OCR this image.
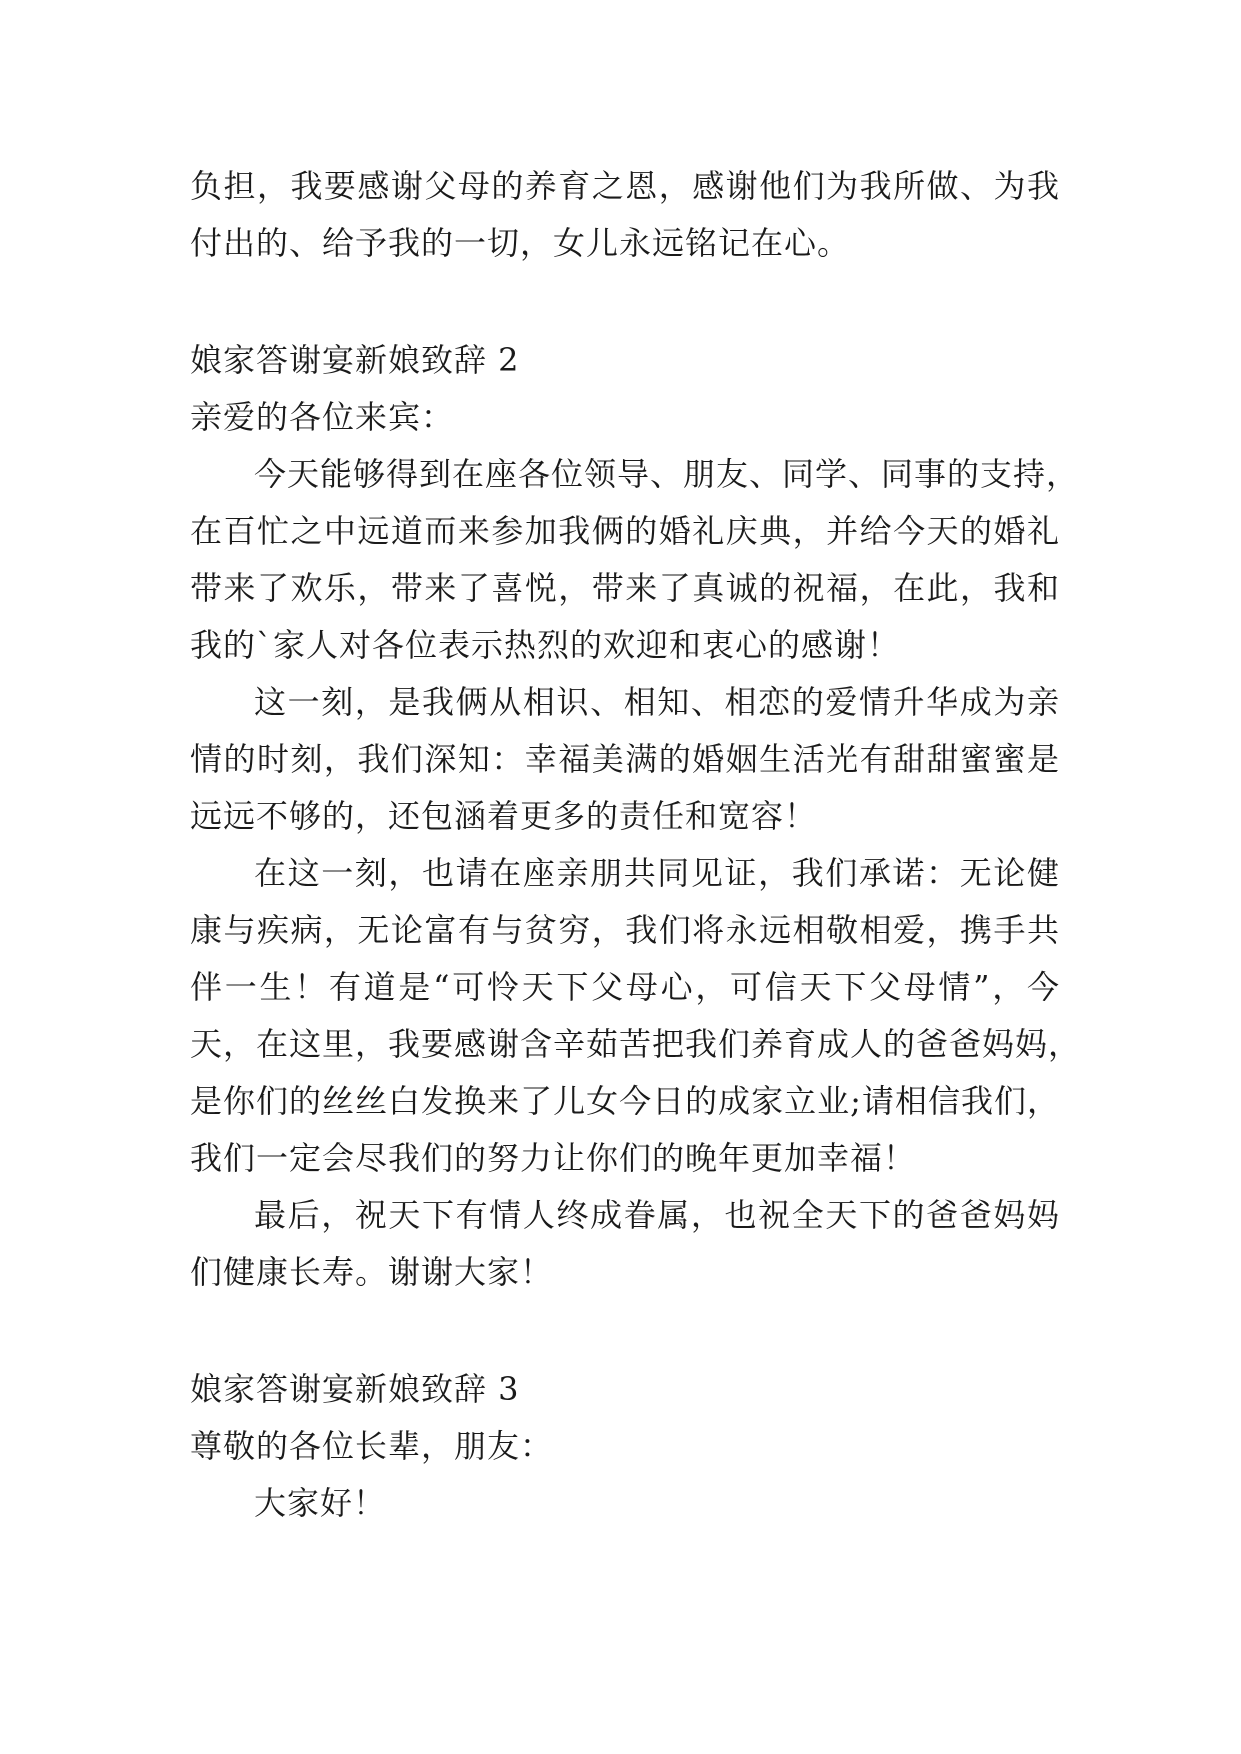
负担，我要感谢父母的养育之恩，感谢他们为我所做、为我
付出的、给予我的一切，女儿永远铭记在心。
娘家答谢宴新娘致辞 2
亲爱的各位来宾：
今天能够得到在座各位领导、朋友、同学、同事的支持，
在百忙之中远道而来参加我俩的婚礼庆典，并给今天的婚礼
带来了欢乐，带来了喜悦，带来了真诚的祝福，在此，我和
我的`家人对各位表示热烈的欢迎和衷心的感谢！
这一刻，是我俩从相识、相知、相恋的爱情升华成为亲
情的时刻，我们深知：幸福美满的婚姻生活光有甜甜蜜蜜是
远远不够的，还包涵着更多的责任和宽容！
在这一刻，也请在座亲朋共同见证，我们承诺：无论健
康与疾病，无论富有与贫穷，我们将永远相敬相爱，携手共
伴一生！有道是“可怜天下父母心，可信天下父母情”，今
天，在这里，我要感谢含辛茹苦把我们养育成人的爸爸妈妈，
是你们的丝丝白发换来了儿女今日的成家立业;请相信我们，
我们一定会尽我们的努力让你们的晚年更加幸福！
最后，祝天下有情人终成眷属，也祝全天下的爸爸妈妈
们健康长寿。谢谢大家！
娘家答谢宴新娘致辞 3
尊敬的各位长辈，朋友：
大家好！
